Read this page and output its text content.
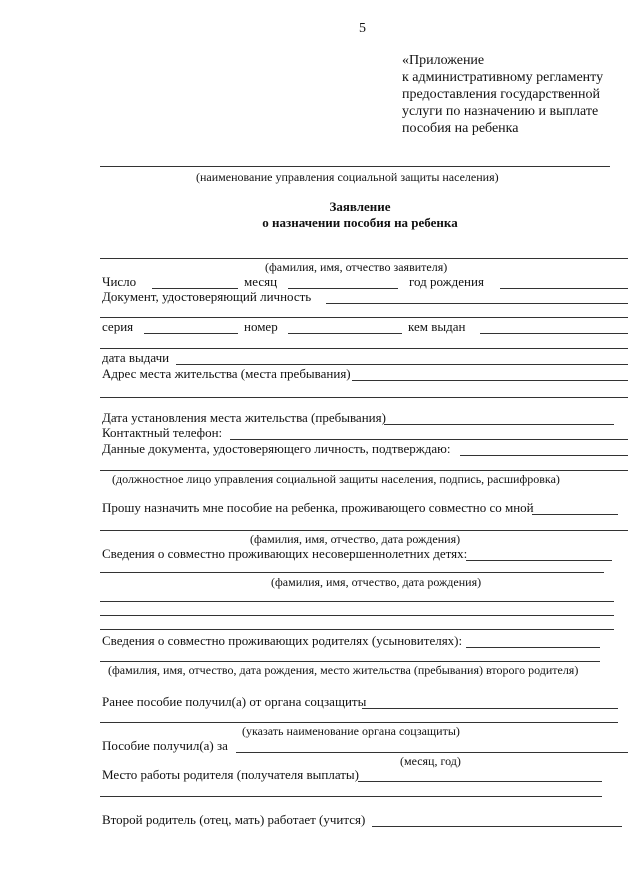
5
«Приложение
к административному регламенту
предоставления государственной
услуги по назначению и выплате
пособия на ребенка
(наименование управления социальной защиты населения)
Заявление
о назначении пособия на ребенка
(фамилия, имя, отчество заявителя)
Число	месяц	год рождения
Документ, удостоверяющий личность
серия	номер	кем выдан
дата выдачи
Адрес места жительства (места пребывания)
Дата установления места жительства (пребывания)
Контактный телефон:
Данные документа, удостоверяющего личность, подтверждаю:
(должностное лицо управления социальной защиты населения, подпись, расшифровка)
Прошу назначить мне пособие на ребенка, проживающего совместно со мной
(фамилия, имя, отчество, дата рождения)
Сведения о совместно проживающих несовершеннолетних детях:
(фамилия, имя, отчество, дата рождения)
Сведения о совместно проживающих родителях (усыновителях):
(фамилия, имя, отчество, дата рождения, место жительства (пребывания) второго родителя)
Ранее пособие получил(а) от органа соцзащиты
(указать наименование органа соцзащиты)
Пособие получил(а) за
(месяц, год)
Место работы родителя (получателя выплаты)
Второй родитель (отец, мать) работает (учится)
